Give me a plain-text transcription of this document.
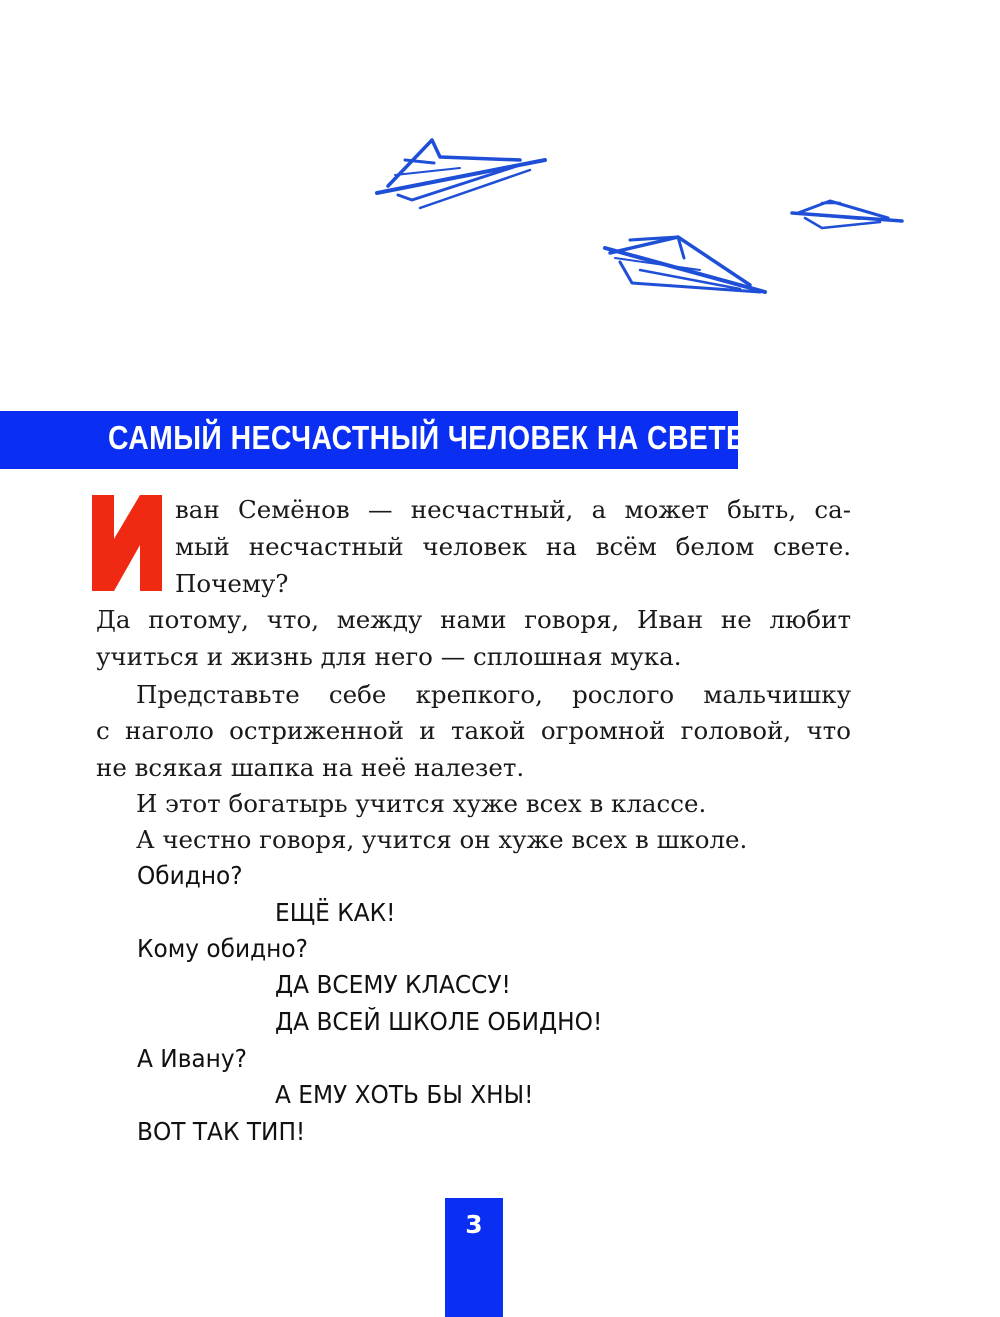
САМЫЙ НЕСЧАСТНЫЙ ЧЕЛОВЕК НА СВЕТЕ
ван Семёнов — несчастный, а может быть, са-
мый несчастный человек на всём белом свете.
Почему?
Да потому, что, между нами говоря, Иван не любит
учиться и жизнь для него — сплошная мука.
Представьте себе крепкого, рослого мальчишку
с наголо остриженной и такой огромной головой, что
не всякая шапка на неё налезет.
И этот богатырь учится хуже всех в классе.
А честно говоря, учится он хуже всех в школе.
Обидно?
ЕЩЁ КАК!
Кому обидно?
ДА ВСЕМУ КЛАССУ!
ДА ВСЕЙ ШКОЛЕ ОБИДНО!
А Ивану?
А ЕМУ ХОТЬ БЫ ХНЫ!
ВОТ ТАК ТИП!
3
